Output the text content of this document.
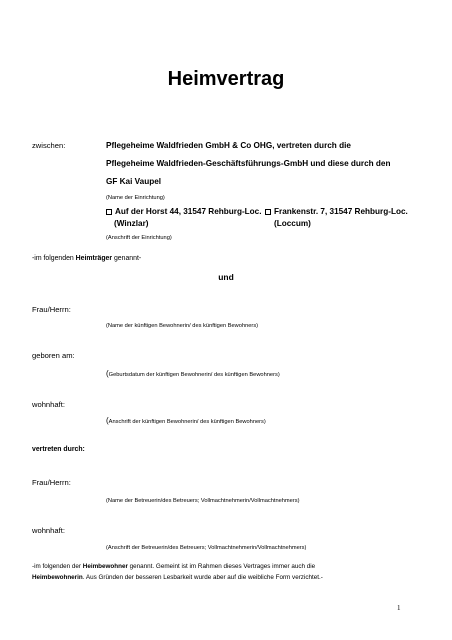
Heimvertrag
zwischen:	Pflegeheime Waldfrieden GmbH & Co OHG, vertreten durch die
Pflegeheime Waldfrieden-Geschäftsführungs-GmbH und diese durch den
GF Kai Vaupel
(Name der Einrichtung)
Auf der Horst 44, 31547 Rehburg-Loc.
(Winzlar)
Frankenstr. 7, 31547 Rehburg-Loc.
(Loccum)
(Anschrift der Einrichtung)
-im folgenden Heimträger genannt-
und
Frau/Herrn:
(Name der künftigen Bewohnerin/ des künftigen Bewohners)
geboren am:
(Geburtsdatum der künftigen Bewohnerin/ des künftigen Bewohners)
wohnhaft:
(Anschrift der künftigen Bewohnerin/ des künftigen Bewohners)
vertreten durch:
Frau/Herrn:
(Name der Betreuerin/des Betreuers; Vollmachtnehmerin/Vollmachtnehmers)
wohnhaft:
(Anschrift der Betreuerin/des Betreuers; Vollmachtnehmerin/Vollmachtnehmers)
-im folgenden der Heimbewohner genannt. Gemeint ist im Rahmen dieses Vertrages immer auch die
Heimbewohnerin. Aus Gründen der besseren Lesbarkeit wurde aber auf die weibliche Form verzichtet.-
1
